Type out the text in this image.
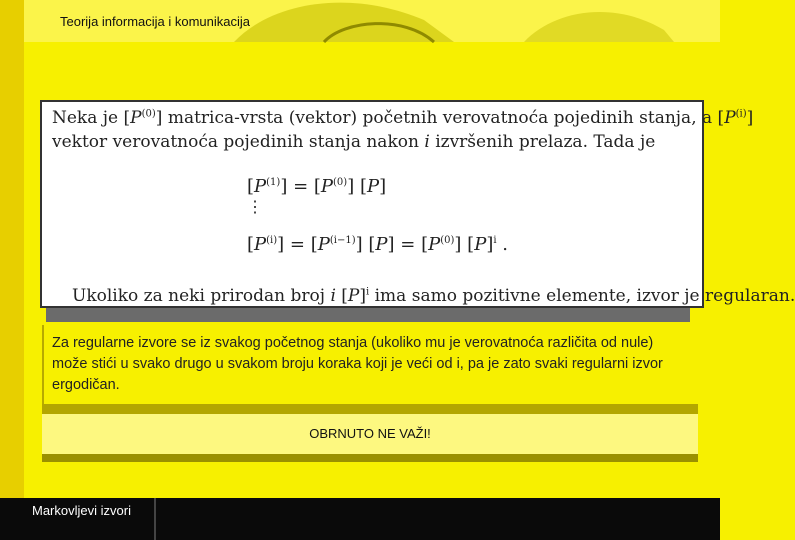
Teorija informacija i komunikacija
Neka je $[P^{(0)}]$ matrica-vrsta (vektor) početnih verovatnoća pojedinih stanja, a $[P^{(i)}]$
vektor verovatnoća pojedinih stanja nakon i izvršenih prelaza. Tada je
$[P^{(1)}] = [P^{(0)}]$ [P]
⋮
$[P^{(i)}] = [P^{(i-1)}] [P] = [P^{(0)}]$ $[P]^i$ .
Ukoliko za neki prirodan broj i $[P]^i$ ima samo pozitivne elemente, izvor je regularan.

Za regularne izvore se iz svakog početnog stanja (ukoliko mu je verovatnoća različita od nule) može stići u svako drugo u svakom broju koraka koji je veći od i, pa je zato svaki regularni izvor ergodičan.

OBRNUTO NE VAŽI!
Markovljevi izvori
